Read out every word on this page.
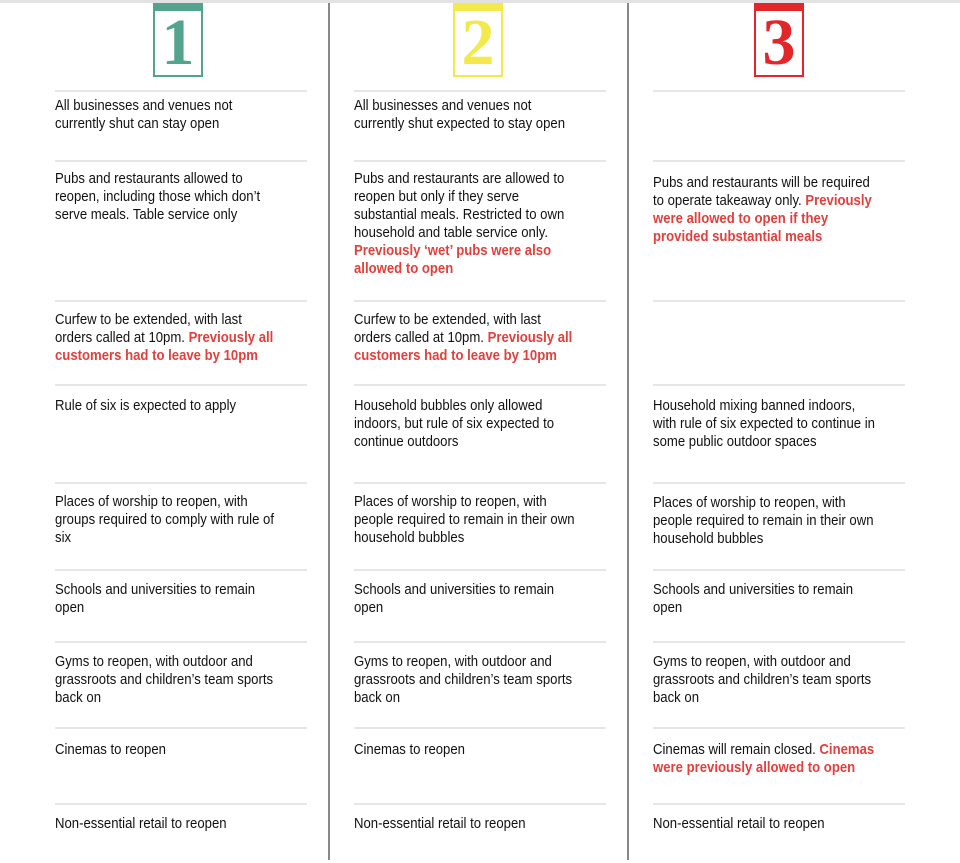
1
All businesses and venues not currently shut can stay open
Pubs and restaurants allowed to reopen, including those which don’t serve meals. Table service only
Curfew to be extended, with last orders called at 10pm. Previously all customers had to leave by 10pm
Rule of six is expected to apply
Places of worship to reopen, with groups required to comply with rule of six
Schools and universities to remain open
Gyms to reopen, with outdoor and grassroots and children’s team sports back on
Cinemas to reopen
Non-essential retail to reopen
2
All businesses and venues not currently shut expected to stay open
Pubs and restaurants are allowed to reopen but only if they serve substantial meals. Restricted to own household and table service only. Previously ‘wet’ pubs were also allowed to open
Curfew to be extended, with last orders called at 10pm. Previously all customers had to leave by 10pm
Household bubbles only allowed indoors, but rule of six expected to continue outdoors
Places of worship to reopen, with people required to remain in their own household bubbles
Schools and universities to remain open
Gyms to reopen, with outdoor and grassroots and children’s team sports back on
Cinemas to reopen
Non-essential retail to reopen
3
Pubs and restaurants will be required to operate takeaway only. Previously were allowed to open if they provided substantial meals
Household mixing banned indoors, with rule of six expected to continue in some public outdoor spaces
Places of worship to reopen, with people required to remain in their own household bubbles
Schools and universities to remain open
Gyms to reopen, with outdoor and grassroots and children’s team sports back on
Cinemas will remain closed. Cinemas were previously allowed to open
Non-essential retail to reopen
